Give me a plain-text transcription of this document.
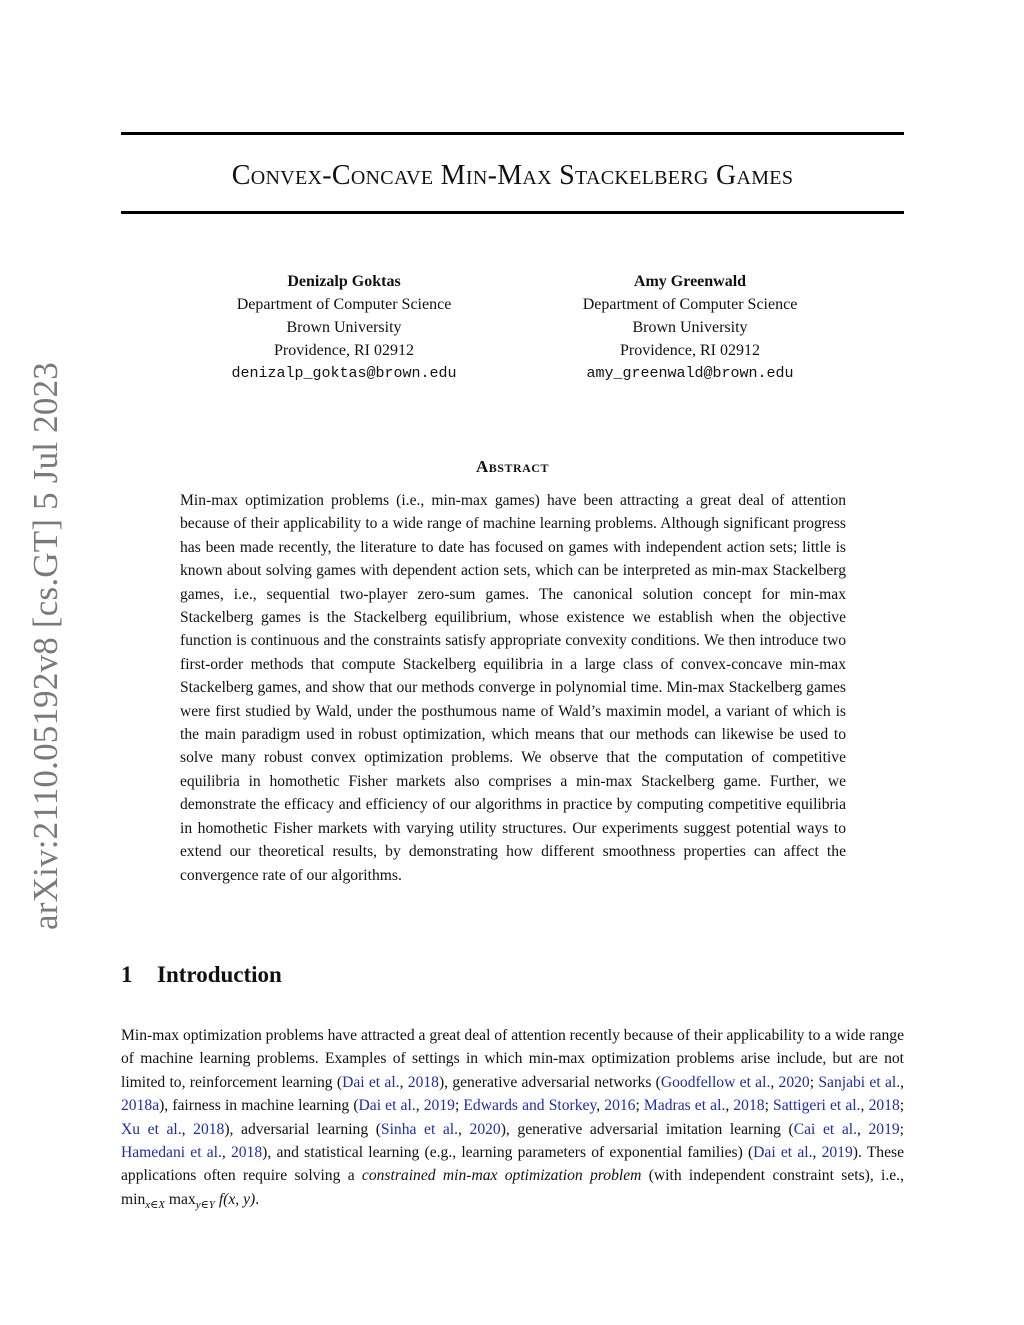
Convex-Concave Min-Max Stackelberg Games
arXiv:2110.05192v8 [cs.GT] 5 Jul 2023
Denizalp Goktas
Department of Computer Science
Brown University
Providence, RI 02912
denizalp_goktas@brown.edu
Amy Greenwald
Department of Computer Science
Brown University
Providence, RI 02912
amy_greenwald@brown.edu
Abstract
Min-max optimization problems (i.e., min-max games) have been attracting a great deal of attention because of their applicability to a wide range of machine learning problems. Although significant progress has been made recently, the literature to date has focused on games with independent action sets; little is known about solving games with dependent action sets, which can be interpreted as min-max Stackelberg games, i.e., sequential two-player zero-sum games. The canonical solution concept for min-max Stackelberg games is the Stackelberg equilibrium, whose existence we establish when the objective function is continuous and the constraints satisfy appropriate convexity conditions. We then introduce two first-order methods that compute Stackelberg equilibria in a large class of convex-concave min-max Stackelberg games, and show that our methods converge in polynomial time. Min-max Stackelberg games were first studied by Wald, under the posthumous name of Wald’s maximin model, a variant of which is the main paradigm used in robust optimization, which means that our methods can likewise be used to solve many robust convex optimization problems. We observe that the computation of competitive equilibria in homothetic Fisher markets also comprises a min-max Stackelberg game. Further, we demonstrate the efficacy and efficiency of our algorithms in practice by computing competitive equilibria in homothetic Fisher markets with varying utility structures. Our experiments suggest potential ways to extend our theoretical results, by demonstrating how different smoothness properties can affect the convergence rate of our algorithms.
1 Introduction
Min-max optimization problems have attracted a great deal of attention recently because of their applicability to a wide range of machine learning problems. Examples of settings in which min-max optimization problems arise include, but are not limited to, reinforcement learning (Dai et al., 2018), generative adversarial networks (Goodfellow et al., 2020; Sanjabi et al., 2018a), fairness in machine learning (Dai et al., 2019; Edwards and Storkey, 2016; Madras et al., 2018; Sattigeri et al., 2018; Xu et al., 2018), adversarial learning (Sinha et al., 2020), generative adversarial imitation learning (Cai et al., 2019; Hamedani et al., 2018), and statistical learning (e.g., learning parameters of exponential families) (Dai et al., 2019). These applications often require solving a constrained min-max optimization problem (with independent constraint sets), i.e., $\min_{x\in X} \max_{y\in Y} f(x$, y).
